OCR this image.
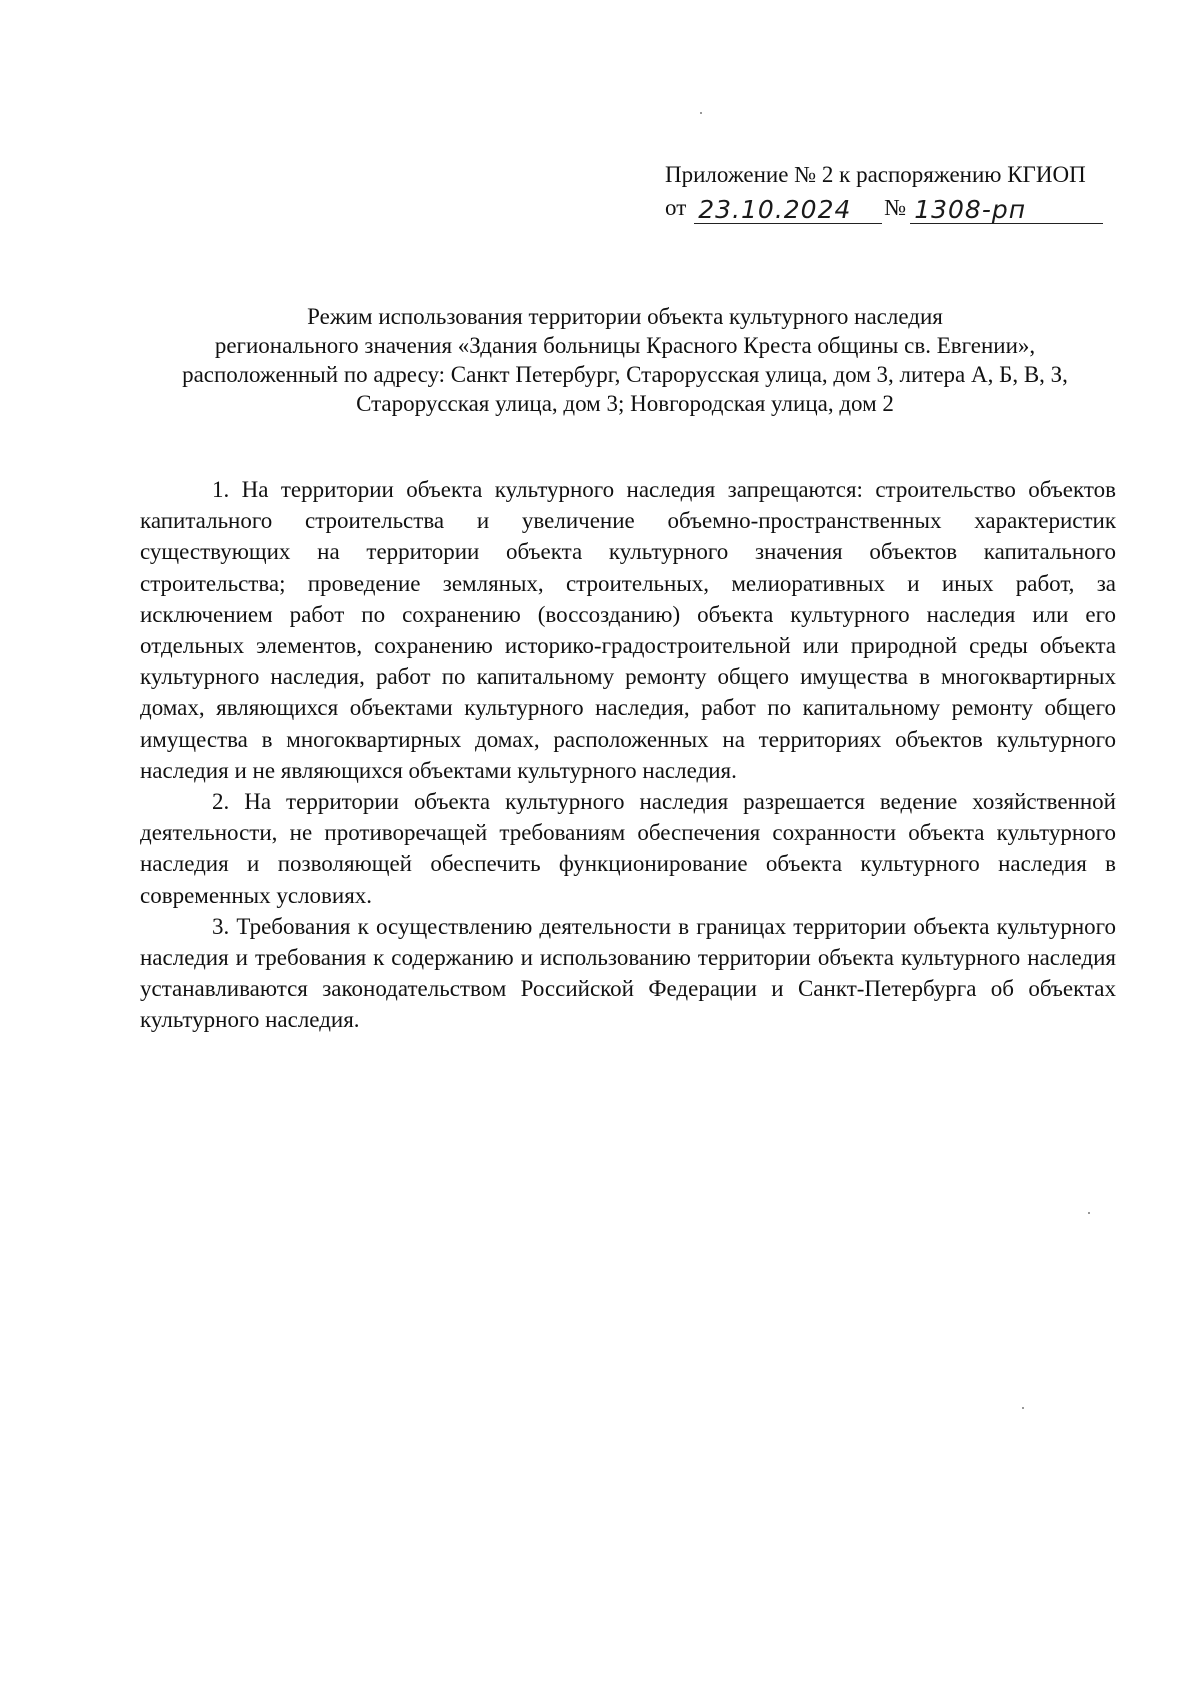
Приложение № 2 к распоряжению КГИОП
от 23.10.2024	№ 1308-рп
Режим использования территории объекта культурного наследия
регионального значения «Здания больницы Красного Креста общины св. Евгении»,
расположенный по адресу: Санкт Петербург, Старорусская улица, дом 3, литера А, Б, В, З,
Старорусская улица, дом 3; Новгородская улица, дом 2

1. На территории объекта культурного наследия запрещаются: строительство объектов капитального строительства и увеличение объемно-пространственных характеристик существующих на территории объекта культурного значения объектов капитального строительства; проведение земляных, строительных, мелиоративных и иных работ, за исключением работ по сохранению (воссозданию) объекта культурного наследия или его отдельных элементов, сохранению историко-градостроительной или природной среды объекта культурного наследия, работ по капитальному ремонту общего имущества в многоквартирных домах, являющихся объектами культурного наследия, работ по капитальному ремонту общего имущества в многоквартирных домах, расположенных на территориях объектов культурного наследия и не являющихся объектами культурного наследия.

2. На территории объекта культурного наследия разрешается ведение хозяйственной деятельности, не противоречащей требованиям обеспечения сохранности объекта культурного наследия и позволяющей обеспечить функционирование объекта культурного наследия в современных условиях.

3. Требования к осуществлению деятельности в границах территории объекта культурного наследия и требования к содержанию и использованию территории объекта культурного наследия устанавливаются законодательством Российской Федерации и Санкт-Петербурга об объектах культурного наследия.
